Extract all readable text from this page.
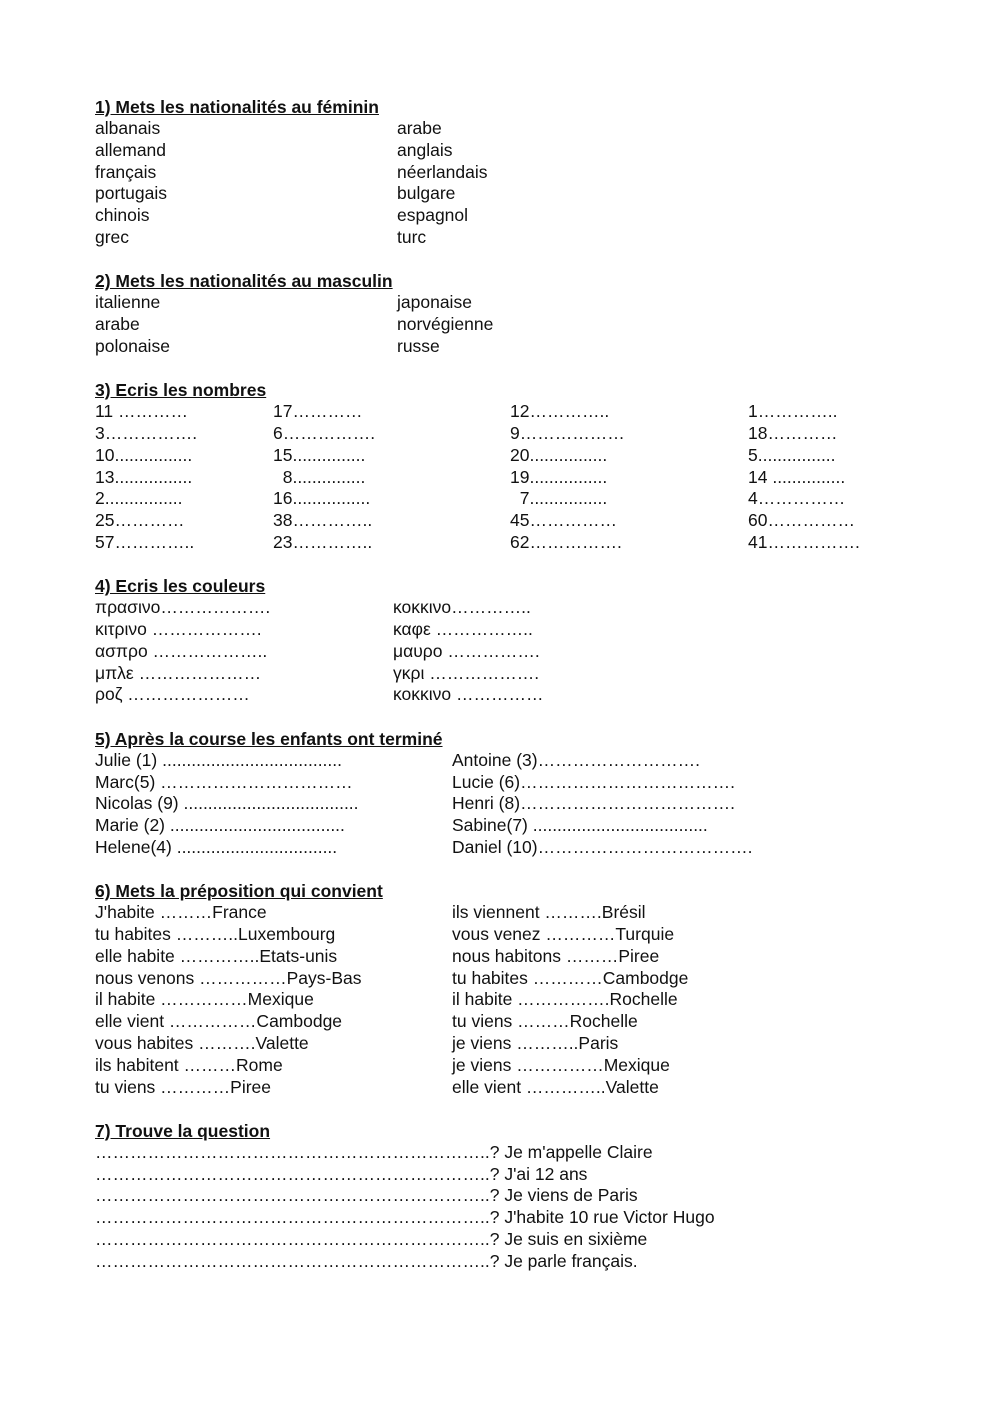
1) Mets les nationalités au féminin

albanais	arabe
allemand	anglais
français	néerlandais
portugais	bulgare
chinois	espagnol
grec	turc

2) Mets les nationalités au masculin

italienne	japonaise
arabe	norvégienne
polonaise	russe

3) Ecris les nombres

11 …………	17…………	12…………..	1…………..
3…………….	6…………….	9………………	18…………
10................	15...............	20................	5................
13................	8...............	19................	14 ...............
2................	16................	7................	4……………
25…………	38…………..	45……………	60……………
57…………..	23…………..	62…………….	41…………….

4) Ecris les couleurs

πρασινο……………….	κοκκινο…………..
κιτρινο ……………….	καφε ……………..
ασπρο ………………..	μαυρο …………….
μπλε …………………	γκρι ……………….
ροζ …………………	κοκκινο ……………

5) Après la course les enfants ont terminé

Julie (1) .....................................	Antoine (3)……………………….
Marc(5) ……………………………	Lucie (6)……………………………….
Nicolas (9) ....................................	Henri (8)……………………………….
Marie (2) ....................................	Sabine(7) ....................................
Helene(4) .................................	Daniel (10)……………………………….

6) Mets la préposition qui convient

J'habite ………France	ils viennent ……….Brésil
tu habites ………..Luxembourg	vous venez …………Turquie
elle habite …………..Etats-unis	nous habitons ………Piree
nous venons ……………Pays-Bas	tu habites …………Cambodge
il habite ……………Mexique	il habite …………….Rochelle
elle vient ……………Cambodge	tu viens ………Rochelle
vous habites ……….Valette	je viens ………..Paris
ils habitent ………Rome	je viens ……………Mexique
tu viens …………Piree	elle vient …………..Valette

7) Trouve la question

…………………………………………………………..? Je m'appelle Claire
…………………………………………………………..? J'ai 12 ans
…………………………………………………………..? Je viens de Paris
…………………………………………………………..? J'habite 10 rue Victor Hugo
…………………………………………………………..? Je suis en sixième
…………………………………………………………..? Je parle français.
